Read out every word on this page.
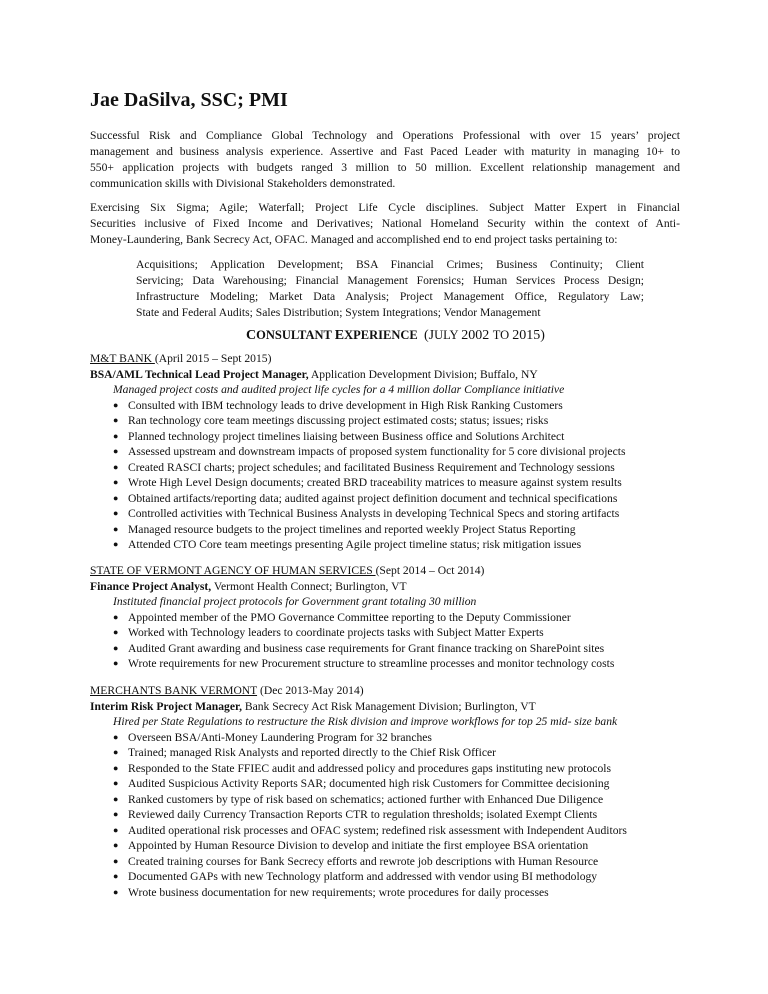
Jae DaSilva, SSC; PMI
Successful Risk and Compliance Global Technology and Operations Professional with over 15 years’ project
management and business analysis experience. Assertive and Fast Paced Leader with maturity in managing 10+ to
550+ application projects with budgets ranged 3 million to 50 million. Excellent relationship management and
communication skills with Divisional Stakeholders demonstrated.
Exercising Six Sigma; Agile; Waterfall; Project Life Cycle disciplines. Subject Matter Expert in Financial
Securities inclusive of Fixed Income and Derivatives; National Homeland Security within the context of Anti-
Money-Laundering, Bank Secrecy Act, OFAC. Managed and accomplished end to end project tasks pertaining to:
Acquisitions; Application Development; BSA Financial Crimes; Business Continuity; Client
Servicing; Data Warehousing; Financial Management Forensics; Human Services Process Design;
Infrastructure Modeling; Market Data Analysis; Project Management Office, Regulatory Law;
State and Federal Audits; Sales Distribution; System Integrations; Vendor Management
CONSULTANT EXPERIENCE (JULY 2002 TO 2015)
M&T BANK (April 2015 – Sept 2015)
BSA/AML Technical Lead Project Manager, Application Development Division; Buffalo, NY
Managed project costs and audited project life cycles for a 4 million dollar Compliance initiative
● Consulted with IBM technology leads to drive development in High Risk Ranking Customers
● Ran technology core team meetings discussing project estimated costs; status; issues; risks
● Planned technology project timelines liaising between Business office and Solutions Architect
● Assessed upstream and downstream impacts of proposed system functionality for 5 core divisional projects
● Created RASCI charts; project schedules; and facilitated Business Requirement and Technology sessions
● Wrote High Level Design documents; created BRD traceability matrices to measure against system results
● Obtained artifacts/reporting data; audited against project definition document and technical specifications
● Controlled activities with Technical Business Analysts in developing Technical Specs and storing artifacts
● Managed resource budgets to the project timelines and reported weekly Project Status Reporting
● Attended CTO Core team meetings presenting Agile project timeline status; risk mitigation issues
STATE OF VERMONT AGENCY OF HUMAN SERVICES (Sept 2014 – Oct 2014)
Finance Project Analyst, Vermont Health Connect; Burlington, VT
Instituted financial project protocols for Government grant totaling 30 million
● Appointed member of the PMO Governance Committee reporting to the Deputy Commissioner
● Worked with Technology leaders to coordinate projects tasks with Subject Matter Experts
● Audited Grant awarding and business case requirements for Grant finance tracking on SharePoint sites
● Wrote requirements for new Procurement structure to streamline processes and monitor technology costs
MERCHANTS BANK VERMONT (Dec 2013-May 2014)
Interim Risk Project Manager, Bank Secrecy Act Risk Management Division; Burlington, VT
Hired per State Regulations to restructure the Risk division and improve workflows for top 25 mid- size bank
● Overseen BSA/Anti-Money Laundering Program for 32 branches
● Trained; managed Risk Analysts and reported directly to the Chief Risk Officer
● Responded to the State FFIEC audit and addressed policy and procedures gaps instituting new protocols
● Audited Suspicious Activity Reports SAR; documented high risk Customers for Committee decisioning
● Ranked customers by type of risk based on schematics; actioned further with Enhanced Due Diligence
● Reviewed daily Currency Transaction Reports CTR to regulation thresholds; isolated Exempt Clients
● Audited operational risk processes and OFAC system; redefined risk assessment with Independent Auditors
● Appointed by Human Resource Division to develop and initiate the first employee BSA orientation
● Created training courses for Bank Secrecy efforts and rewrote job descriptions with Human Resource
● Documented GAPs with new Technology platform and addressed with vendor using BI methodology
● Wrote business documentation for new requirements; wrote procedures for daily processes
